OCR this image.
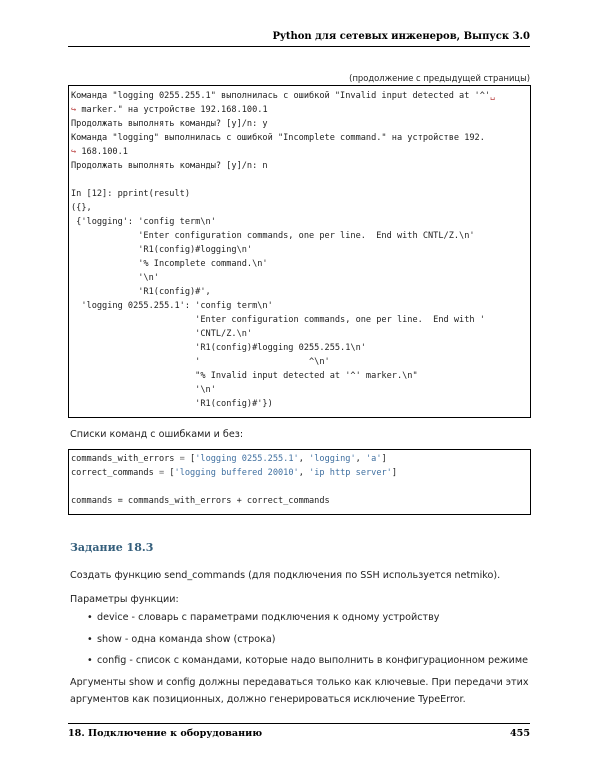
Python для сетевых инженеров, Выпуск 3.0
(продолжение с предыдущей страницы)
Команда "logging 0255.255.1" выполнилась с ошибкой "Invalid input detected at '^'␣
↪ marker." на устройстве 192.168.100.1
Продолжать выполнять команды? [y]/n: y
Команда "logging" выполнилась с ошибкой "Incomplete command." на устройстве 192.
↪ 168.100.1
Продолжать выполнять команды? [y]/n: n
In [12]: pprint(result)
({},
{'logging': 'config term\n'
'Enter configuration commands, one per line.  End with CNTL/Z.\n'
'R1(config)#logging\n'
'% Incomplete command.\n'
'\n'
'R1(config)#',
'logging 0255.255.1': 'config term\n'
'Enter configuration commands, one per line.  End with '
'CNTL/Z.\n'
'R1(config)#logging 0255.255.1\n'
'                     ^\n'
"% Invalid input detected at '^' marker.\n"
'\n'
'R1(config)#'})
Списки команд с ошибками и без:
commands_with_errors = ['logging 0255.255.1', 'logging', 'a']
correct_commands = ['logging buffered 20010', 'ip http server']
commands = commands_with_errors + correct_commands
Задание 18.3
Создать функцию send_commands (для подключения по SSH используется netmiko).
Параметры функции:
• device - словарь с параметрами подключения к одному устройству
• show - одна команда show (строка)
• config - список с командами, которые надо выполнить в конфигурационном режиме
Аргументы show и config должны передаваться только как ключевые. При передачи этих аргументов как позиционных, должно генерироваться исключение TypeError.
18. Подключение к оборудованию	455
